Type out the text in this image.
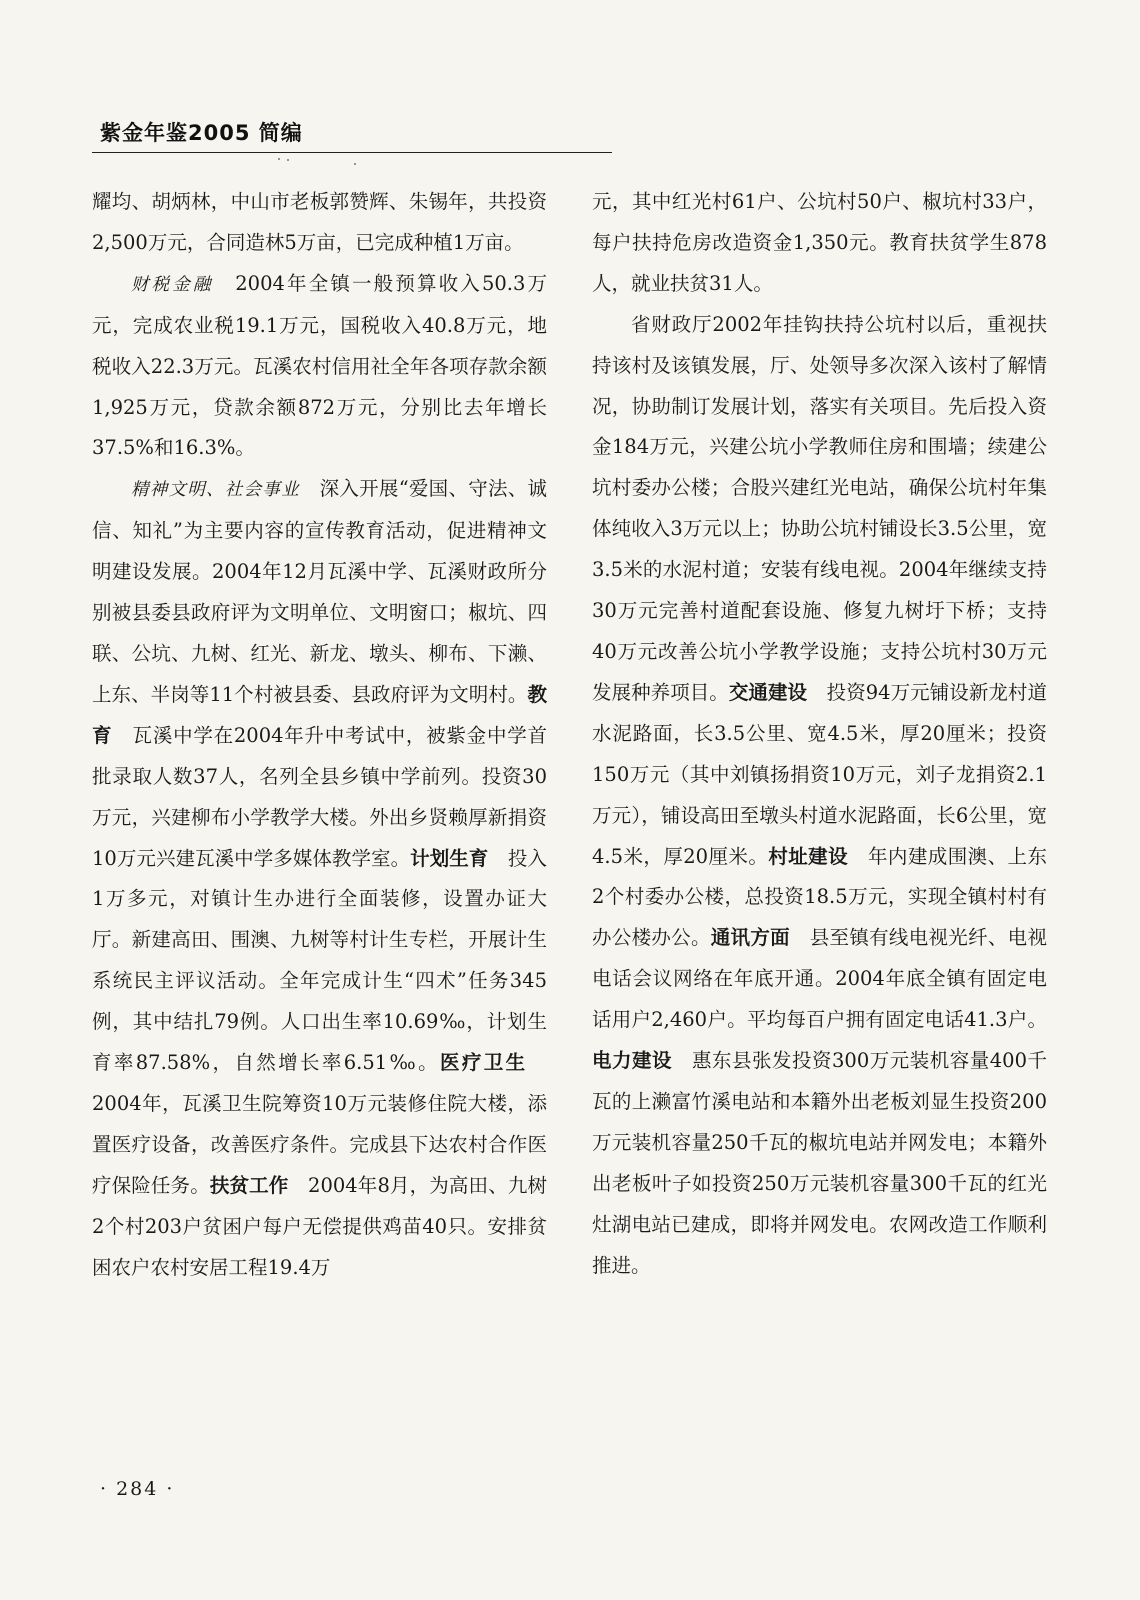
紫金年鉴2005 简编

耀均、胡炳林，中山市老板郭赞辉、朱锡年，共投资2,500万元，合同造林5万亩，已完成种植1万亩。

财税金融　2004年全镇一般预算收入50.3万元，完成农业税19.1万元，国税收入40.8万元，地税收入22.3万元。瓦溪农村信用社全年各项存款余额1,925万元，贷款余额872万元，分别比去年增长37.5%和16.3%。

精神文明、社会事业　深入开展“爱国、守法、诚信、知礼”为主要内容的宣传教育活动，促进精神文明建设发展。2004年12月瓦溪中学、瓦溪财政所分别被县委县政府评为文明单位、文明窗口；椒坑、四联、公坑、九树、红光、新龙、墩头、柳布、下濑、上东、半岗等11个村被县委、县政府评为文明村。教育　瓦溪中学在2004年升中考试中，被紫金中学首批录取人数37人，名列全县乡镇中学前列。投资30万元，兴建柳布小学教学大楼。外出乡贤赖厚新捐资10万元兴建瓦溪中学多媒体教学室。计划生育　投入1万多元，对镇计生办进行全面装修，设置办证大厅。新建高田、围澳、九树等村计生专栏，开展计生系统民主评议活动。全年完成计生“四术”任务345例，其中结扎79例。人口出生率10.69‰，计划生育率87.58%，自然增长率6.51‰。医疗卫生　2004年，瓦溪卫生院筹资10万元装修住院大楼，添置医疗设备，改善医疗条件。完成县下达农村合作医疗保险任务。扶贫工作　2004年8月，为高田、九树2个村203户贫困户每户无偿提供鸡苗40只。安排贫困农户农村安居工程19.4万

元，其中红光村61户、公坑村50户、椒坑村33户，每户扶持危房改造资金1,350元。教育扶贫学生878人，就业扶贫31人。

省财政厅2002年挂钩扶持公坑村以后，重视扶持该村及该镇发展，厅、处领导多次深入该村了解情况，协助制订发展计划，落实有关项目。先后投入资金184万元，兴建公坑小学教师住房和围墙；续建公坑村委办公楼；合股兴建红光电站，确保公坑村年集体纯收入3万元以上；协助公坑村铺设长3.5公里，宽3.5米的水泥村道；安装有线电视。2004年继续支持30万元完善村道配套设施、修复九树圩下桥；支持40万元改善公坑小学教学设施；支持公坑村30万元发展种养项目。交通建设　投资94万元铺设新龙村道水泥路面，长3.5公里、宽4.5米，厚20厘米；投资150万元（其中刘镇扬捐资10万元，刘子龙捐资2.1万元），铺设高田至墩头村道水泥路面，长6公里，宽4.5米，厚20厘米。村址建设　年内建成围澳、上东2个村委办公楼，总投资18.5万元，实现全镇村村有办公楼办公。通讯方面　县至镇有线电视光纤、电视电话会议网络在年底开通。2004年底全镇有固定电话用户2,460户。平均每百户拥有固定电话41.3户。电力建设　惠东县张发投资300万元装机容量400千瓦的上濑富竹溪电站和本籍外出老板刘显生投资200万元装机容量250千瓦的椒坑电站并网发电；本籍外出老板叶子如投资250万元装机容量300千瓦的红光灶湖电站已建成，即将并网发电。农网改造工作顺利推进。

· 284 ·
